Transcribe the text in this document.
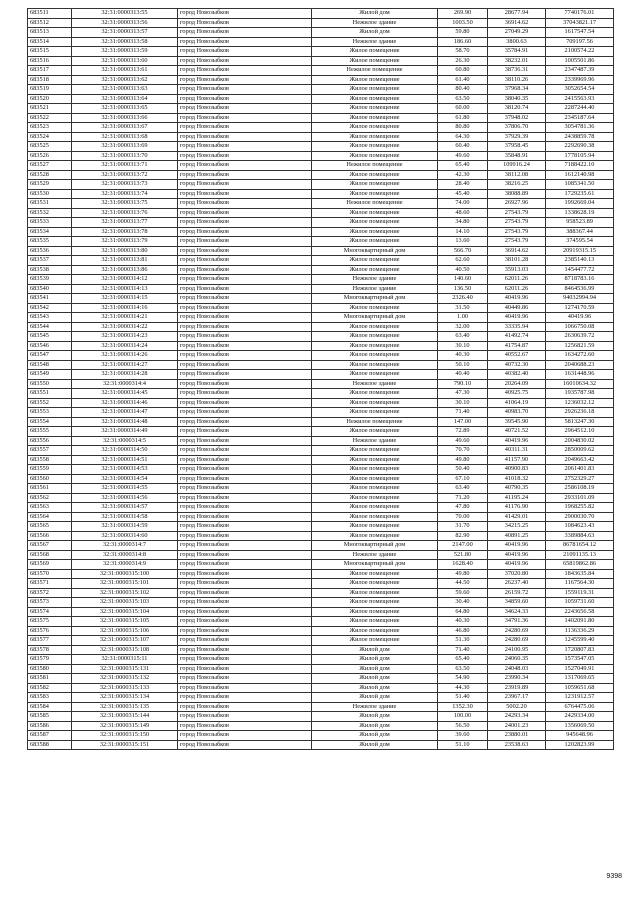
683511	32:31:0000313:55	город Новозыбков	Жилой дом	269.90	28677.94	7740176.01
683512	32:31:0000313:56	город Новозыбков	Нежилое здание	1003.50	36914.62	37043821.17
683513	32:31:0000313:57	город Новозыбков	Жилой дом	59.80	27049.29	1617547.54
683514	32:31:0000313:58	город Новозыбков	Нежилое здание	186.60	3800.63	709197.56
683515	32:31:0000313:59	город Новозыбков	Жилое помещение	58.70	35784.91	2100574.22
683516	32:31:0000313:60	город Новозыбков	Жилое помещение	26.30	38232.01	1005501.86
683517	32:31:0000313:61	город Новозыбков	Нежилое помещение	60.80	38736.31	2347487.39
683518	32:31:0000313:62	город Новозыбков	Жилое помещение	61.40	38110.26	2339969.96
683519	32:31:0000313:63	город Новозыбков	Жилое помещение	80.40	37968.34	3052654.54
683520	32:31:0000313:64	город Новозыбков	Жилое помещение	63.50	38040.35	2415563.93
683521	32:31:0000313:65	город Новозыбков	Жилое помещение	60.00	38120.74	2287244.40
683522	32:31:0000313:66	город Новозыбков	Жилое помещение	61.80	37948.02	2345187.64
683523	32:31:0000313:67	город Новозыбков	Жилое помещение	80.80	37806.70	3054781.36
683524	32:31:0000313:68	город Новозыбков	Жилое помещение	64.30	37929.39	2438859.78
683525	32:31:0000313:69	город Новозыбков	Жилое помещение	60.40	37958.45	2292690.38
683526	32:31:0000313:70	город Новозыбков	Жилое помещение	49.60	35848.91	1778105.94
683527	32:31:0000313:71	город Новозыбков	Нежилое помещение	65.40	109916.24	7188422.10
683528	32:31:0000313:72	город Новозыбков	Жилое помещение	42.30	38112.08	1612140.98
683529	32:31:0000313:73	город Новозыбков	Жилое помещение	28.40	38216.25	1085341.50
683530	32:31:0000313:74	город Новозыбков	Жилое помещение	45.40	38088.89	1729235.61
683531	32:31:0000313:75	город Новозыбков	Нежилое помещение	74.00	26927.96	1992669.04
683532	32:31:0000313:76	город Новозыбков	Жилое помещение	48.60	27543.79	1338628.19
683533	32:31:0000313:77	город Новозыбков	Жилое помещение	34.80	27543.79	958523.89
683534	32:31:0000313:78	город Новозыбков	Жилое помещение	14.10	27543.79	388367.44
683535	32:31:0000313:79	город Новозыбков	Жилое помещение	13.60	27543.79	374595.54
683536	32:31:0000313:80	город Новозыбков	Многоквартирный дом	566.70	36914.62	20919315.15
683537	32:31:0000313:81	город Новозыбков	Жилое помещение	62.60	38101.28	2385140.13
683538	32:31:0000313:86	город Новозыбков	Жилое помещение	40.50	35913.03	1454477.72
683539	32:31:0000314:12	город Новозыбков	Нежилое здание	140.60	62011.26	8718783.16
683540	32:31:0000314:13	город Новозыбков	Нежилое здание	136.50	62011.26	8464536.99
683541	32:31:0000314:15	город Новозыбков	Многоквартирный дом	2326.40	40419.96	94032994.94
683542	32:31:0000314:16	город Новозыбков	Жилое помещение	31.50	40449.86	1274170.59
683543	32:31:0000314:21	город Новозыбков	Многоквартирный дом	1.00	40419.96	40419.96
683544	32:31:0000314:22	город Новозыбков	Жилое помещение	32.00	33335.94	1066750.08
683545	32:31:0000314:23	город Новозыбков	Жилое помещение	63.40	41492.74	2630639.72
683546	32:31:0000314:24	город Новозыбков	Жилое помещение	30.10	41754.87	1256821.59
683547	32:31:0000314:26	город Новозыбков	Жилое помещение	40.30	40552.67	1634272.60
683548	32:31:0000314:27	город Новозыбков	Жилое помещение	50.10	40732.30	2040688.23
683549	32:31:0000314:28	город Новозыбков	Жилое помещение	40.40	40382.40	1631448.96
683550	32:31:0000314:4	город Новозыбков	Нежилое здание	790.10	20264.09	16010634.32
683551	32:31:0000314:45	город Новозыбков	Жилое помещение	47.30	40925.75	1935787.98
683552	32:31:0000314:46	город Новозыбков	Жилое помещение	30.10	41064.19	1236032.12
683553	32:31:0000314:47	город Новозыбков	Жилое помещение	71.40	40983.70	2926236.18
683554	32:31:0000314:48	город Новозыбков	Нежилое помещение	147.00	39545.90	5813247.30
683555	32:31:0000314:49	город Новозыбков	Жилое помещение	72.89	40721.52	2964512.10
683556	32:31:0000314:5	город Новозыбков	Нежилое здание	49.60	40419.96	2004830.02
683557	32:31:0000314:50	город Новозыбков	Жилое помещение	70.70	40311.31	2850009.62
683558	32:31:0000314:51	город Новозыбков	Жилое помещение	49.80	41157.90	2049663.42
683559	32:31:0000314:53	город Новозыбков	Жилое помещение	50.40	40900.83	2061401.83
683560	32:31:0000314:54	город Новозыбков	Жилое помещение	67.10	41018.32	2752329.27
683561	32:31:0000314:55	город Новозыбков	Жилое помещение	63.40	40790.35	2586108.19
683562	32:31:0000314:56	город Новозыбков	Жилое помещение	71.20	41195.24	2933101.09
683563	32:31:0000314:57	город Новозыбков	Жилое помещение	47.80	41176.90	1968255.82
683564	32:31:0000314:58	город Новозыбков	Жилое помещение	70.00	41429.01	2900030.70
683565	32:31:0000314:59	город Новозыбков	Жилое помещение	31.70	34215.25	1084623.43
683566	32:31:0000314:60	город Новозыбков	Жилое помещение	82.90	40891.25	3389884.63
683567	32:31:0000314:7	город Новозыбков	Многоквартирный дом	2147.00	40419.96	86781654.12
683568	32:31:0000314:8	город Новозыбков	Нежилое здание	521.80	40419.96	21091135.13
683569	32:31:0000314:9	город Новозыбков	Многоквартирный дом	1628.40	40419.96	65819862.86
683570	32:31:0000315:100	город Новозыбков	Жилое помещение	49.80	37020.80	1843635.84
683571	32:31:0000315:101	город Новозыбков	Жилое помещение	44.50	26237.40	1167564.30
683572	32:31:0000315:102	город Новозыбков	Жилое помещение	59.60	26159.72	1559119.31
683573	32:31:0000315:103	город Новозыбков	Жилое помещение	30.40	34859.60	1059731.60
683574	32:31:0000315:104	город Новозыбков	Жилое помещение	64.80	34624.33	2243656.58
683575	32:31:0000315:105	город Новозыбков	Жилое помещение	40.30	34791.36	1402091.80
683576	32:31:0000315:106	город Новозыбков	Жилое помещение	46.80	24280.69	1136336.29
683577	32:31:0000315:107	город Новозыбков	Жилое помещение	51.30	24280.69	1245599.40
683578	32:31:0000315:108	город Новозыбков	Жилой дом	71.40	24100.95	1720807.83
683579	32:31:0000315:11	город Новозыбков	Жилой дом	65.40	24060.35	1573547.05
683580	32:31:0000315:131	город Новозыбков	Жилой дом	63.50	24048.03	1527049.91
683581	32:31:0000315:132	город Новозыбков	Жилой дом	54.90	23990.34	1317069.65
683582	32:31:0000315:133	город Новозыбков	Жилой дом	44.30	23919.89	1059651.68
683583	32:31:0000315:134	город Новозыбков	Жилой дом	51.40	23967.17	1231912.57
683584	32:31:0000315:135	город Новозыбков	Нежилое здание	1352.30	5002.20	6764475.06
683585	32:31:0000315:144	город Новозыбков	Жилой дом	100.00	24293.34	2429334.00
683586	32:31:0000315:149	город Новозыбков	Жилой дом	56.50	24001.23	1356069.50
683587	32:31:0000315:150	город Новозыбков	Жилой дом	39.60	23880.01	945648.96
683588	32:31:0000315:151	город Новозыбков	Жилой дом	51.10	23538.63	1202823.99
9398
